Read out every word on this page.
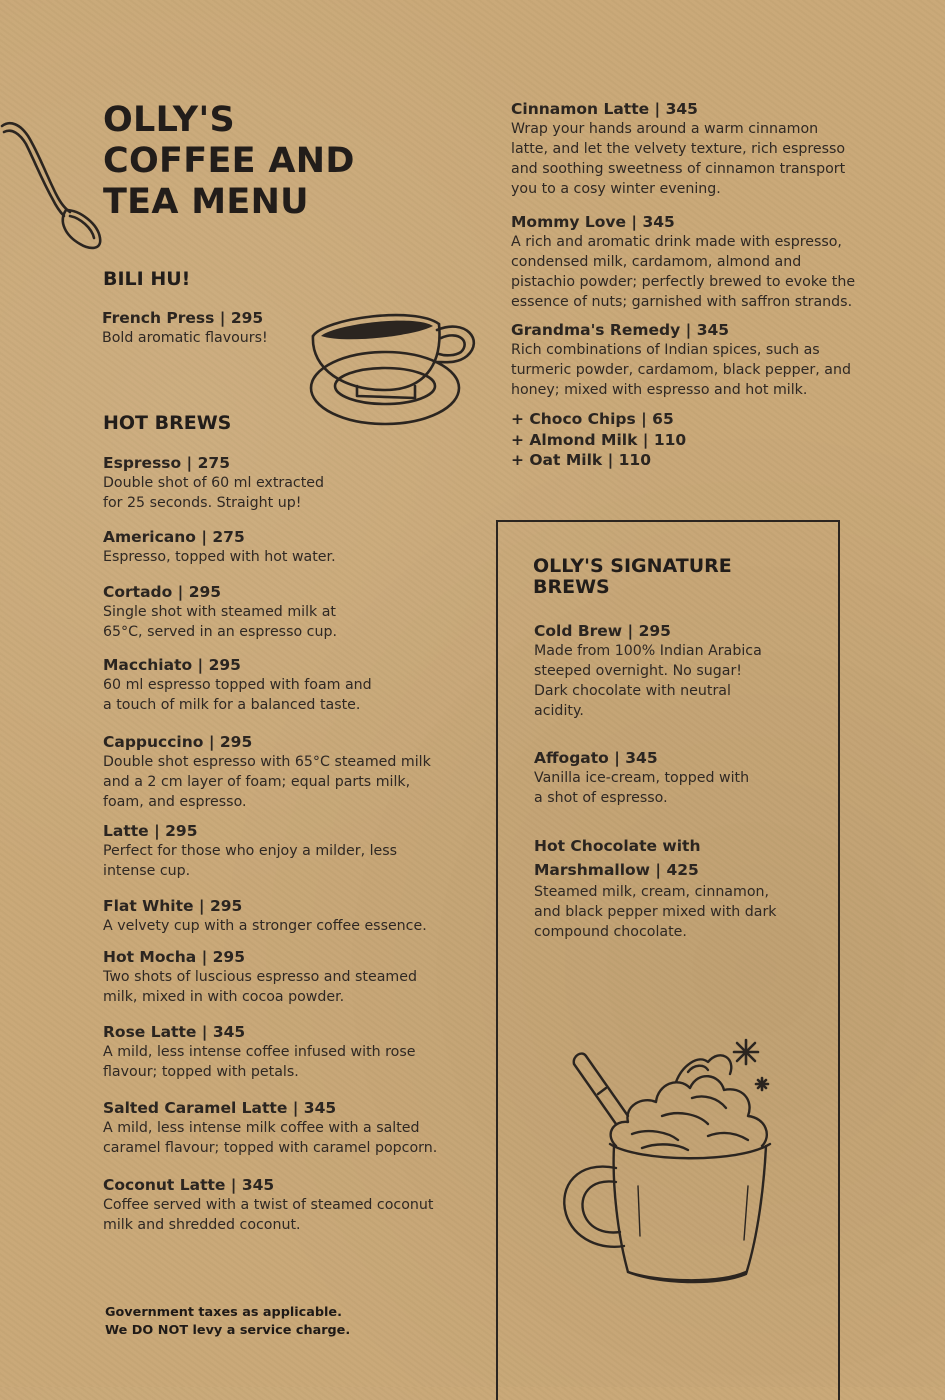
OLLY'S
COFFEE AND
TEA MENU
BILI HU!
French Press | 295
Bold aromatic flavours!
HOT BREWS
Espresso | 275
Double shot of 60 ml extracted
for 25 seconds. Straight up!
Americano | 275
Espresso, topped with hot water.
Cortado | 295
Single shot with steamed milk at
65°C, served in an espresso cup.
Macchiato | 295
60 ml espresso topped with foam and
a touch of milk for a balanced taste.
Cappuccino | 295
Double shot espresso with 65°C steamed milk
and a 2 cm layer of foam; equal parts milk,
foam, and espresso.
Latte | 295
Perfect for those who enjoy a milder, less
intense cup.
Flat White | 295
A velvety cup with a stronger coffee essence.
Hot Mocha | 295
Two shots of luscious espresso and steamed
milk, mixed in with cocoa powder.
Rose Latte | 345
A mild, less intense coffee infused with rose
flavour; topped with petals.
Salted Caramel Latte | 345
A mild, less intense milk coffee with a salted
caramel flavour; topped with caramel popcorn.
Coconut Latte | 345
Coffee served with a twist of steamed coconut
milk and shredded coconut.
Cinnamon Latte | 345
Wrap your hands around a warm cinnamon
latte, and let the velvety texture, rich espresso
and soothing sweetness of cinnamon transport
you to a cosy winter evening.
Mommy Love | 345
A rich and aromatic drink made with espresso,
condensed milk, cardamom, almond and
pistachio powder; perfectly brewed to evoke the
essence of nuts; garnished with saffron strands.
Grandma's Remedy | 345
Rich combinations of Indian spices, such as
turmeric powder, cardamom, black pepper, and
honey; mixed with espresso and hot milk.
+ Choco Chips | 65
+ Almond Milk | 110
+ Oat Milk | 110
OLLY'S SIGNATURE
BREWS
Cold Brew | 295
Made from 100% Indian Arabica
steeped overnight. No sugar!
Dark chocolate with neutral
acidity.
Affogato | 345
Vanilla ice-cream, topped with
a shot of espresso.
Hot Chocolate with
Marshmallow | 425
Steamed milk, cream, cinnamon,
and black pepper mixed with dark
compound chocolate.
Government taxes as applicable.
We DO NOT levy a service charge.
